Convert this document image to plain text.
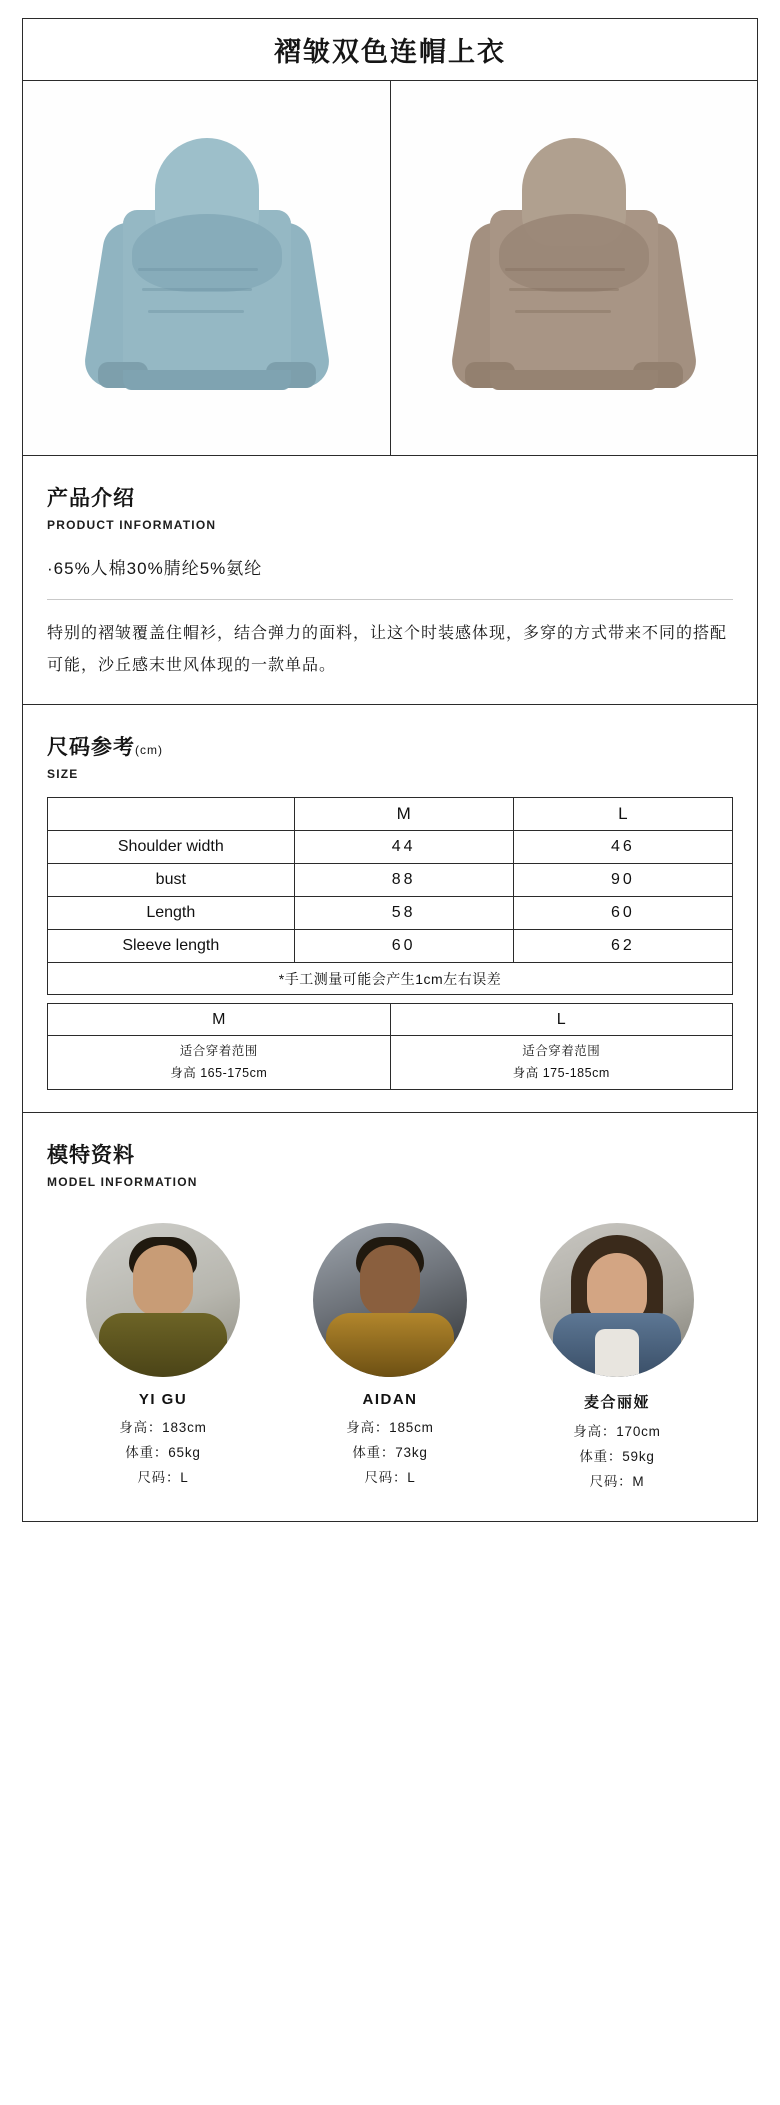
褶皱双色连帽上衣
产品介绍
PRODUCT INFORMATION
·65%人棉30%腈纶5%氨纶
特别的褶皱覆盖住帽衫，结合弹力的面料，让这个时装感体现，多穿的方式带来不同的搭配可能，沙丘感末世风体现的一款单品。
尺码参考(cm)
SIZE
	M	L
Shoulder width	44	46
bust	88	90
Length	58	60
Sleeve length	60	62
*手工测量可能会产生1cm左右误差
M	L

适合穿着范围
身高 165-175cm

适合穿着范围
身高 175-185cm
模特资料
MODEL INFORMATION
YI GU
身高：183cm
体重：65kg
尺码：L
AIDAN
身高：185cm
体重：73kg
尺码：L
麦合丽娅
身高：170cm
体重：59kg
尺码：M
